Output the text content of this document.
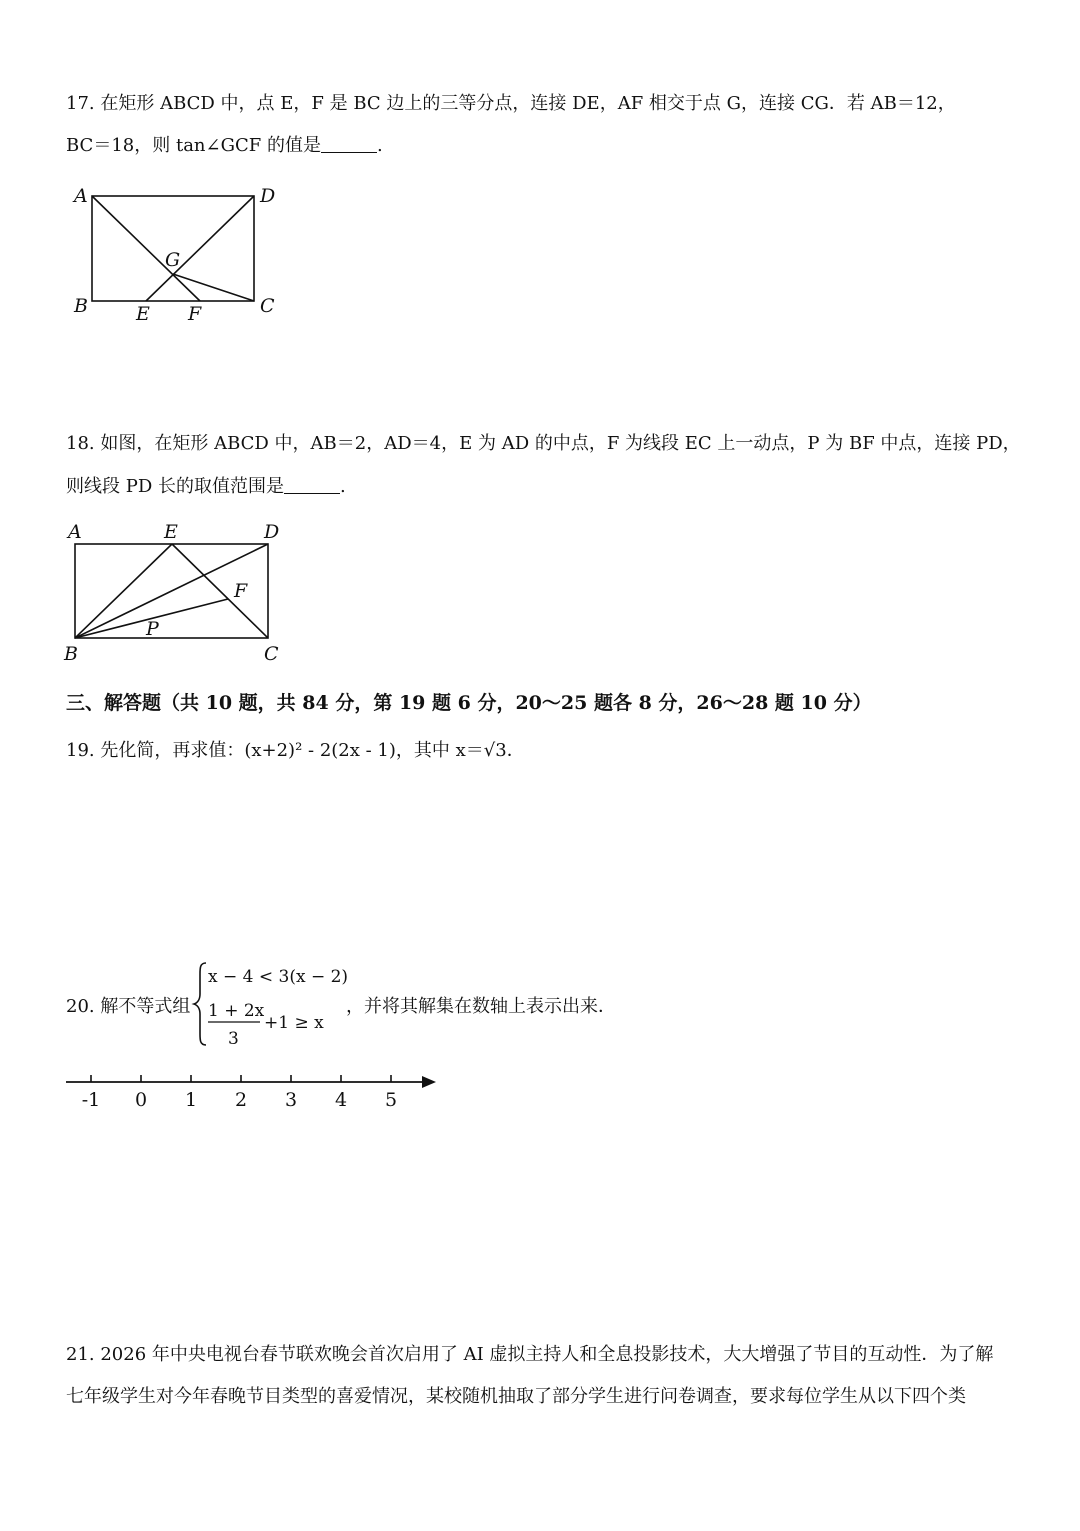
17. 在矩形 ABCD 中，点 E，F 是 BC 边上的三等分点，连接 DE，AF 相交于点 G，连接 CG．若 AB＝12，
BC＝18，则 tan∠GCF 的值是	.
A	D
B	C
E F
G
18. 如图，在矩形 ABCD 中，AB＝2，AD＝4，E 为 AD 的中点，F 为线段 EC 上一动点，P 为 BF 中点，连接 PD，
则线段 PD 长的取值范围是	.
A	E	D
F
P
B	C
三、解答题（共 10 题，共 84 分，第 19 题 6 分，20～25 题各 8 分，26～28 题 10 分）
19. 先化简，再求值：(x+2)² - 2(2x - 1)，其中 x＝√3．
20. 解不等式组
x − 4 < 3(x − 2)
1 + 2x
3
+1 ≥ x
，并将其解集在数轴上表示出来．
-1 0 1 2 3 4 5
21. 2026 年中央电视台春节联欢晚会首次启用了 AI 虚拟主持人和全息投影技术，大大增强了节目的互动性．为了解
七年级学生对今年春晚节目类型的喜爱情况，某校随机抽取了部分学生进行问卷调查，要求每位学生从以下四个类
